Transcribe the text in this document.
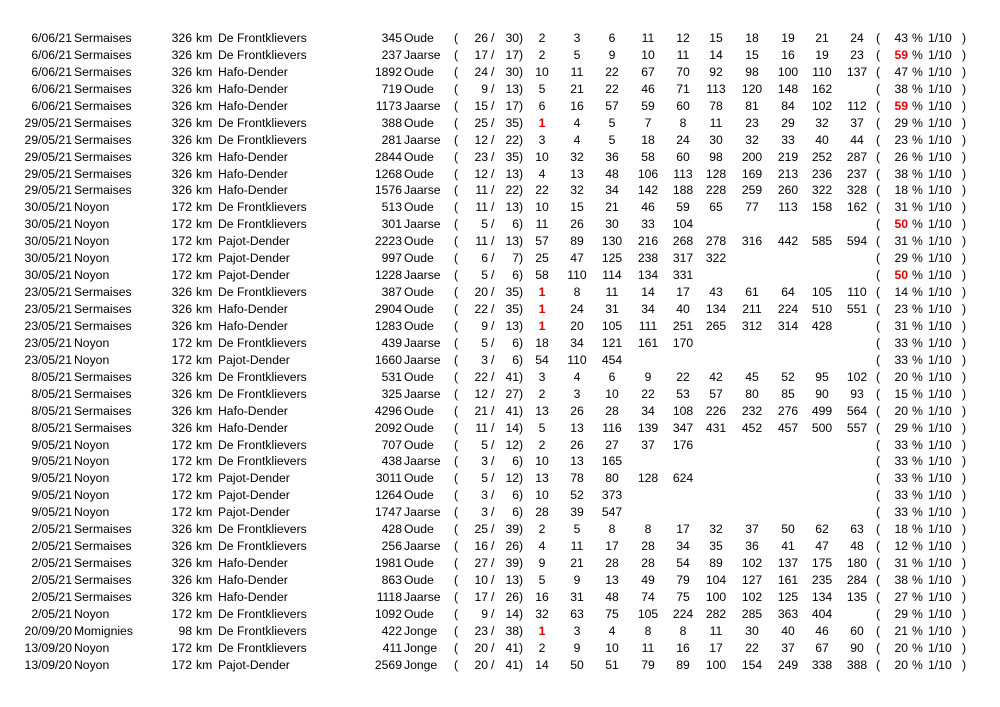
6/06/21 Sermaises	326 km De Frontklievers	345 Oude	(	26 / 30 )	2	3	6	11	12	15	18	19	21	24	(	43 % 1/10 )
6/06/21 Sermaises	326 km De Frontklievers	237 Jaarse	(	17 / 17 )	2	5	9	10	11	14	15	16	19	23	(	59 % 1/10 )
6/06/21 Sermaises	326 km Hafo-Dender	1892 Oude	(	24 / 30 ) 10	11	22	67	70	92	98	100	110	137 (	47 % 1/10 )
6/06/21 Sermaises	326 km Hafo-Dender	719 Oude	(	9 / 13 )	5	21	22	46	71	113	120	148	162	(	38 % 1/10 )
6/06/21 Sermaises	326 km Hafo-Dender	1173 Jaarse	(	15 / 17 )	6	16	57	59	60	78	81	84	102	112 (	59 % 1/10 )
29/05/21 Sermaises	326 km De Frontklievers	388 Oude	(	25 / 35 )	1	4	5	7	8	11	23	29	32	37	(	29 % 1/10 )
29/05/21 Sermaises	326 km De Frontklievers	281 Jaarse	(	12 / 22 )	3	4	5	18	24	30	32	33	40	44	(	23 % 1/10 )
29/05/21 Sermaises	326 km Hafo-Dender	2844 Oude	(	23 / 35 ) 10	32	36	58	60	98	200	219	252	287 (	26 % 1/10 )
29/05/21 Sermaises	326 km Hafo-Dender	1268 Oude	(	12 / 13 )	4	13	48	106	113	128	169	213	236	237 (	38 % 1/10 )
29/05/21 Sermaises	326 km Hafo-Dender	1576 Jaarse	(	11 / 22 ) 22	32	34	142	188	228	259	260	322	328 (	18 % 1/10 )
30/05/21 Noyon	172 km De Frontklievers	513 Oude	(	11 / 13 ) 10	15	21	46	59	65	77	113	158	162 (	31 % 1/10 )
30/05/21 Noyon	172 km De Frontklievers	301 Jaarse	(	5 /	6 )	11	26	30	33	104	(	50 % 1/10 )
30/05/21 Noyon	172 km Pajot-Dender	2223 Oude	(	11 / 13 ) 57	89	130	216	268	278	316	442	585	594 (	31 % 1/10 )
30/05/21 Noyon	172 km Pajot-Dender	997 Oude	(	6 /	7 ) 25	47	125	238	317	322	(	29 % 1/10 )
30/05/21 Noyon	172 km Pajot-Dender	1228 Jaarse	(	5 /	6 ) 58	110	114	134	331	(	50 % 1/10 )
23/05/21 Sermaises	326 km De Frontklievers	387 Oude	(	20 / 35 )	1	8	11	14	17	43	61	64	105	110 (	14 % 1/10 )
23/05/21 Sermaises	326 km Hafo-Dender	2904 Oude	(	22 / 35 )	1	24	31	34	40	134	211	224	510	551 (	23 % 1/10 )
23/05/21 Sermaises	326 km Hafo-Dender	1283 Oude	(	9 / 13 )	1	20	105	111	251	265	312	314	428	(	31 % 1/10 )
23/05/21 Noyon	172 km De Frontklievers	439 Jaarse	(	5 /	6 ) 18	34	121	161	170	(	33 % 1/10 )
23/05/21 Noyon	172 km Pajot-Dender	1660 Jaarse	(	3 /	6 ) 54	110	454	(	33 % 1/10 )
8/05/21 Sermaises	326 km De Frontklievers	531 Oude	(	22 / 41 )	3	4	6	9	22	42	45	52	95	102 (	20 % 1/10 )
8/05/21 Sermaises	326 km De Frontklievers	325 Jaarse	(	12 / 27 )	2	3	10	22	53	57	80	85	90	93	(	15 % 1/10 )
8/05/21 Sermaises	326 km Hafo-Dender	4296 Oude	(	21 / 41 ) 13	26	28	34	108	226	232	276	499	564 (	20 % 1/10 )
8/05/21 Sermaises	326 km Hafo-Dender	2092 Oude	(	11 / 14 )	5	13	116	139	347	431	452	457	500	557 (	29 % 1/10 )
9/05/21 Noyon	172 km De Frontklievers	707 Oude	(	5 / 12 )	2	26	27	37	176	(	33 % 1/10 )
9/05/21 Noyon	172 km De Frontklievers	438 Jaarse	(	3 /	6 ) 10	13	165	(	33 % 1/10 )
9/05/21 Noyon	172 km Pajot-Dender	3011 Oude	(	5 / 12 ) 13	78	80	128	624	(	33 % 1/10 )
9/05/21 Noyon	172 km Pajot-Dender	1264 Oude	(	3 /	6 ) 10	52	373	(	33 % 1/10 )
9/05/21 Noyon	172 km Pajot-Dender	1747 Jaarse	(	3 /	6 ) 28	39	547	(	33 % 1/10 )
2/05/21 Sermaises	326 km De Frontklievers	428 Oude	(	25 / 39 )	2	5	8	8	17	32	37	50	62	63	(	18 % 1/10 )
2/05/21 Sermaises	326 km De Frontklievers	256 Jaarse	(	16 / 26 )	4	11	17	28	34	35	36	41	47	48	(	12 % 1/10 )
2/05/21 Sermaises	326 km Hafo-Dender	1981 Oude	(	27 / 39 )	9	21	28	28	54	89	102	137	175	180 (	31 % 1/10 )
2/05/21 Sermaises	326 km Hafo-Dender	863 Oude	(	10 / 13 )	5	9	13	49	79	104	127	161	235	284 (	38 % 1/10 )
2/05/21 Sermaises	326 km Hafo-Dender	1118 Jaarse	(	17 / 26 ) 16	31	48	74	75	100	102	125	134	135 (	27 % 1/10 )
2/05/21 Noyon	172 km De Frontklievers	1092 Oude	(	9 / 14 ) 32	63	75	105	224	282	285	363	404	(	29 % 1/10 )
20/09/20 Momignies	98 km De Frontklievers	422 Jonge	(	23 / 38 )	1	3	4	8	8	11	30	40	46	60	(	21 % 1/10 )
13/09/20 Noyon	172 km De Frontklievers	411 Jonge	(	20 / 41 )	2	9	10	11	16	17	22	37	67	90	(	20 % 1/10 )
13/09/20 Noyon	172 km Pajot-Dender	2569 Jonge	(	20 / 41 ) 14	50	51	79	89	100	154	249	338	388 (	20 % 1/10 )
